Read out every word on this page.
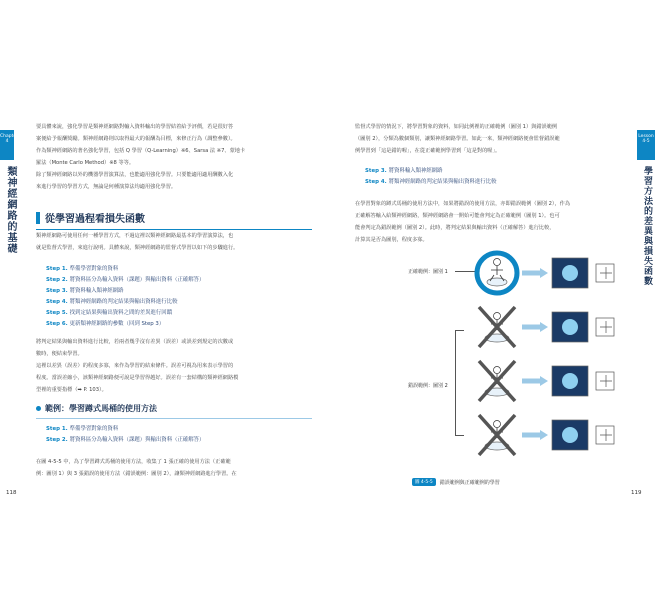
Chapter 4
類神經網路的基礎
要具體來說，強化學習是類神經網路對輸入資料輸出的學習結着給予評價，若是很好答
案便給予報酬獎勵。類神經網路則以取得最大的報酬為目標，來修正行為（調整參數）。
作為類神經網路的著名強化學習，包括 Q 學習（Q-Learning）※6、Sarsa 法 ※7、蒙地卡
羅法（Monte Carlo Method）※8 等等。
除了類神經網路以外的機器學習演算法，也能適用強化學習。只要能適用適用酬數入化
來進行學習的學習方式，無論是何種演算法均適用強化學習。
從學習過程看損失函數
類神經網路可使用任何一種學習方式，不過這裡以類神經網路最基本的學習演算法，也
就是監督式學習，來進行說明。具體來說，類神經網路的監督式學習以如下的步驟進行。
Step 1. 準備學習對象的資料
Step 2. 將資料區分為輸入資料（課題）與輸出資料（正確解答）
Step 3. 將資料輸入類神經網路
Step 4. 將類神經網路的判定結果與輸出資料進行比較
Step 5. 找到定結果與輸出資料之間的差異進行回饋
Step 6. 更新類神經網路的參數（回到 Step 3）
將判定結果與輸出資料進行比較，若兩者幾乎沒有差異（誤差）或誤差到規定的次數或
數時，便結束學習。
這裡以差異（誤差）的程度多寡，來作為學習的結束條件。誤差可視為用來表示學習的
程度。當誤差縮小，該類神經網路便可說是學習得越好。誤差有一套結構的類神經網路模
型裡的重要指標（➡ P. 103）。
範例：學習蹲式馬桶的使用方法
Step 1. 準備學習對象的資料
Step 2. 將資料區分為輸入資料（課題）與輸出資料（正確解答）
在圖 4-5-5 中，為了學習蹲式馬桶的使用方法，收集了 1 張正確的使用方法（正確範
例：圖別 1）與 3 張錯誤的使用方法（錯誤範例：圖別 2），讓類神經網路進行學習。在
118
Lesson 4-5
學習方法的差異與損失函數
監督式學習的情況下，將學習對象的資料，如同此例裡的正確範例（圖別 1）與錯誤範例
（圖別 2），分類為數個類別，讓類神經網路學習。如此一來，類神經網路便會監督錯誤範
例學習到「這是錯的喔」，在從正確範例學習到「這是對的喔」。
Step 3. 將資料輸入類神經網路
Step 4. 將類神經網路的判定結果與輸出資料進行比較
在學習對象的蹲式馬桶的使用方法中，如果將錯誤的使用方法，亦即錯誤範例（圖別 2），作為
正確解答輸入給類神經網路，類神經網路會一開始可能會判定為正確範例（圖別 1）。也可
能會判定為錯誤範例（圖別 2）。此時，將判定結果與輸出資料（正確解答）進行比較，
計算其是否為圖別，程度多寡。
正確範例：圖別 1
錯誤範例：圖別 2
圖 4-5-5	錯誤範例與正確範例的學習
119
